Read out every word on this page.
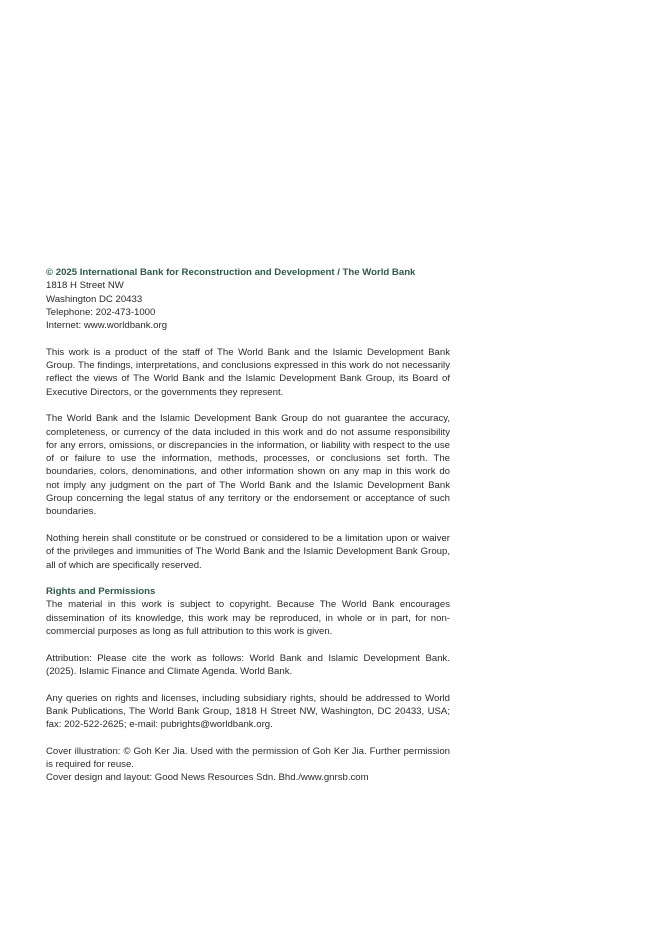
© 2025 International Bank for Reconstruction and Development / The World Bank
1818 H Street NW
Washington DC 20433
Telephone: 202-473-1000
Internet: www.worldbank.org

This work is a product of the staff of The World Bank and the Islamic Development Bank Group. The findings, interpretations, and conclusions expressed in this work do not necessarily reflect the views of The World Bank and the Islamic Development Bank Group, its Board of Executive Directors, or the governments they represent.

The World Bank and the Islamic Development Bank Group do not guarantee the accuracy, completeness, or currency of the data included in this work and do not assume responsibility for any errors, omissions, or discrepancies in the information, or liability with respect to the use of or failure to use the information, methods, processes, or conclusions set forth. The boundaries, colors, denominations, and other information shown on any map in this work do not imply any judgment on the part of The World Bank and the Islamic Development Bank Group concerning the legal status of any territory or the endorsement or acceptance of such boundaries.

Nothing herein shall constitute or be construed or considered to be a limitation upon or waiver of the privileges and immunities of The World Bank and the Islamic Development Bank Group, all of which are specifically reserved.

Rights and Permissions

The material in this work is subject to copyright. Because The World Bank encourages dissemination of its knowledge, this work may be reproduced, in whole or in part, for non-commercial purposes as long as full attribution to this work is given.

Attribution: Please cite the work as follows: World Bank and Islamic Development Bank. (2025). Islamic Finance and Climate Agenda. World Bank.

Any queries on rights and licenses, including subsidiary rights, should be addressed to World Bank Publications, The World Bank Group, 1818 H Street NW, Washington, DC 20433, USA; fax: 202-522-2625; e-mail: pubrights@worldbank.org.

Cover illustration: © Goh Ker Jia. Used with the permission of Goh Ker Jia. Further permission is required for reuse.

Cover design and layout: Good News Resources Sdn. Bhd./www.gnrsb.com
